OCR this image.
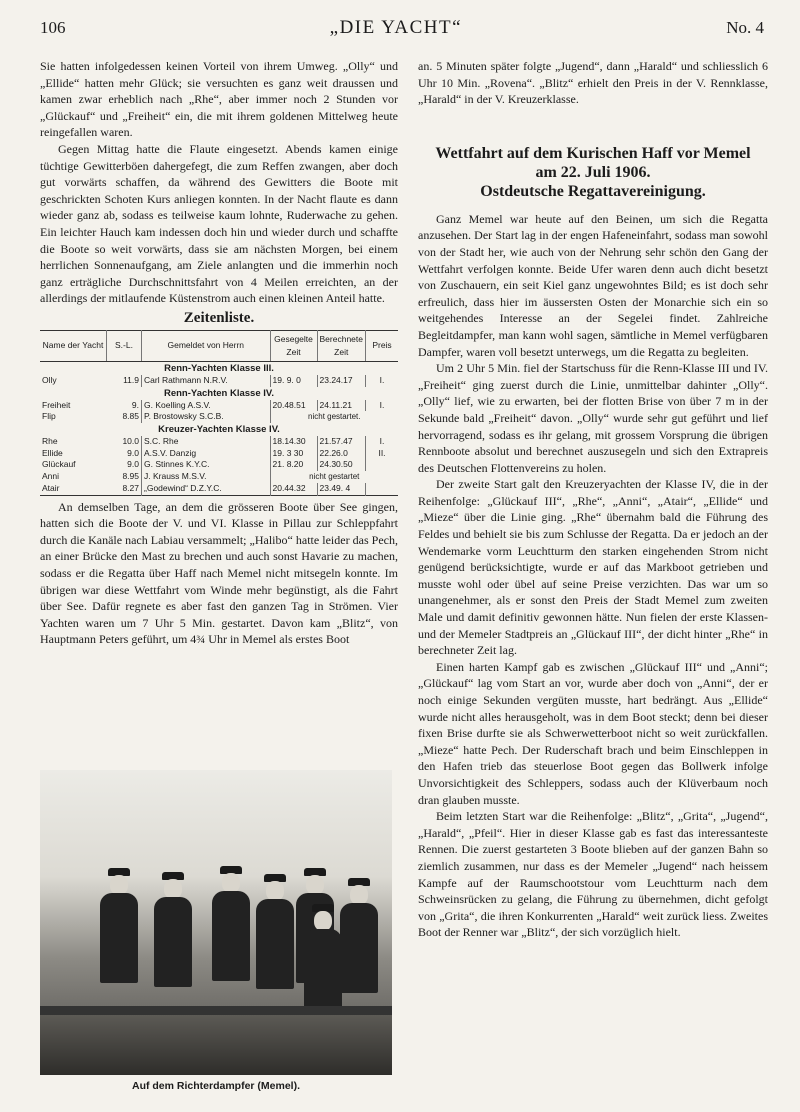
106	„DIE YACHT“	No. 4

Sie hatten infolgedessen keinen Vorteil von ihrem Umweg. „Olly“ und „Ellide“ hatten mehr Glück; sie versuchten es ganz weit draussen und kamen zwar erheblich nach „Rhe“, aber immer noch 2 Stunden vor „Glückauf“ und „Freiheit“ ein, die mit ihrem goldenen Mittelweg heute reingefallen waren.

Gegen Mittag hatte die Flaute eingesetzt. Abends kamen einige tüchtige Gewitterböen dahergefegt, die zum Reffen zwangen, aber doch gut vorwärts schaffen, da während des Gewitters die Boote mit geschrickten Schoten Kurs anliegen konnten. In der Nacht flaute es dann wieder ganz ab, sodass es teilweise kaum lohnte, Ruderwache zu gehen. Ein leichter Hauch kam indessen doch hin und wieder durch und schaffte die Boote so weit vorwärts, dass sie am nächsten Morgen, bei einem herrlichen Sonnenaufgang, am Ziele anlangten und die immerhin noch ganz erträgliche Durchschnittsfahrt von 4 Meilen erreichten, an der allerdings der mitlaufende Küstenstrom auch einen kleinen Anteil hatte.

Zeitenliste.
Name der Yacht	S.-L.	Gemeldet von Herrn	Gesegelte Zeit	Berechnete Zeit	Preis
Renn-Yachten Klasse III.					
Olly	11.9	Carl Rathmann N.R.V.	19. 9. 0	23.24.17	I.
Renn-Yachten Klasse IV.					
Freiheit	9.	G. Koelling A.S.V.	20.48.51	24.11.21	I.
Flip	8.85	P. Brostowsky S.C.B.	nicht gestartet.		
Kreuzer-Yachten Klasse IV.					
Rhe	10.0	S.C. Rhe	18.14.30	21.57.47	I.
Ellide	9.0	A.S.V. Danzig	19. 3 30	22.26.0	II.
Glückauf	9.0	G. Stinnes K.Y.C.	21. 8.20	24.30.50	
Anni	8.95	J. Krauss M.S.V.	nicht gestartet		
Atair	8.27	„Godewind“ D.Z.Y.C.	20.44.32	23.49. 4	

An demselben Tage, an dem die grösseren Boote über See gingen, hatten sich die Boote der V. und VI. Klasse in Pillau zur Schleppfahrt durch die Kanäle nach Labiau versammelt; „Halibo“ hatte leider das Pech, an einer Brücke den Mast zu brechen und auch sonst Havarie zu machen, sodass er die Regatta über Haff nach Memel nicht mitsegeln konnte. Im übrigen war diese Wettfahrt vom Winde mehr begünstigt, als die Fahrt über See. Dafür regnete es aber fast den ganzen Tag in Strömen. Vier Yachten waren um 7 Uhr 5 Min. gestartet. Davon kam „Blitz“, von Hauptmann Peters geführt, um 4¾ Uhr in Memel als erstes Boot

Auf dem Richterdampfer (Memel).

an. 5 Minuten später folgte „Jugend“, dann „Harald“ und schliesslich 6 Uhr 10 Min. „Rovena“. „Blitz“ erhielt den Preis in der V. Rennklasse, „Harald“ in der V. Kreuzerklasse.

Wettfahrt auf dem Kurischen Haff vor Memel
am 22. Juli 1906.
Ostdeutsche Regattavereinigung.

Ganz Memel war heute auf den Beinen, um sich die Regatta anzusehen. Der Start lag in der engen Hafeneinfahrt, sodass man sowohl von der Stadt her, wie auch von der Nehrung sehr schön den Gang der Wettfahrt verfolgen konnte. Beide Ufer waren denn auch dicht besetzt von Zuschauern, ein seit Kiel ganz ungewohntes Bild; es ist doch sehr erfreulich, dass hier im äussersten Osten der Monarchie sich ein so weitgehendes Interesse an der Segelei findet. Zahlreiche Begleitdampfer, man kann wohl sagen, sämtliche in Memel verfügbaren Dampfer, waren voll besetzt unterwegs, um die Regatta zu begleiten.

Um 2 Uhr 5 Min. fiel der Startschuss für die Renn-Klasse III und IV. „Freiheit“ ging zuerst durch die Linie, unmittelbar dahinter „Olly“. „Olly“ lief, wie zu erwarten, bei der flotten Brise von über 7 m in der Sekunde bald „Freiheit“ davon. „Olly“ wurde sehr gut geführt und lief hervorragend, sodass es ihr gelang, mit grossem Vorsprung die übrigen Rennboote absolut und berechnet auszusegeln und sich den Extrapreis des Deutschen Flottenvereins zu holen.

Der zweite Start galt den Kreuzeryachten der Klasse IV, die in der Reihenfolge: „Glückauf III“, „Rhe“, „Anni“, „Atair“, „Ellide“ und „Mieze“ über die Linie ging. „Rhe“ übernahm bald die Führung des Feldes und behielt sie bis zum Schlusse der Regatta. Da er jedoch an der Wendemarke vorm Leuchtturm den starken eingehenden Strom nicht genügend berücksichtigte, wurde er auf das Markboot getrieben und musste wohl oder übel auf seine Preise verzichten. Das war um so unangenehmer, als er sonst den Preis der Stadt Memel zum zweiten Male und damit definitiv gewonnen hätte. Nun fielen der erste Klassen- und der Memeler Stadtpreis an „Glückauf III“, der dicht hinter „Rhe“ in berechneter Zeit lag.

Einen harten Kampf gab es zwischen „Glückauf III“ und „Anni“; „Glückauf“ lag vom Start an vor, wurde aber doch von „Anni“, der er noch einige Sekunden vergüten musste, hart bedrängt. Aus „Ellide“ wurde nicht alles herausgeholt, was in dem Boot steckt; denn bei dieser fixen Brise durfte sie als Schwerwetterboot nicht so weit zurückfallen. „Mieze“ hatte Pech. Der Ruderschaft brach und beim Einschleppen in den Hafen trieb das steuerlose Boot gegen das Bollwerk infolge Unvorsichtigkeit des Schleppers, sodass auch der Klüverbaum noch dran glauben musste.

Beim letzten Start war die Reihenfolge: „Blitz“, „Grita“, „Jugend“, „Harald“, „Pfeil“. Hier in dieser Klasse gab es fast das interessanteste Rennen. Die zuerst gestarteten 3 Boote blieben auf der ganzen Bahn so ziemlich zusammen, nur dass es der Memeler „Jugend“ nach heissem Kampfe auf der Raumschootstour vom Leuchtturm nach dem Schweinsrücken zu gelang, die Führung zu übernehmen, dicht gefolgt von „Grita“, die ihren Konkurrenten „Harald“ weit zurück liess. Zweites Boot der Renner war „Blitz“, der sich vorzüglich hielt.
